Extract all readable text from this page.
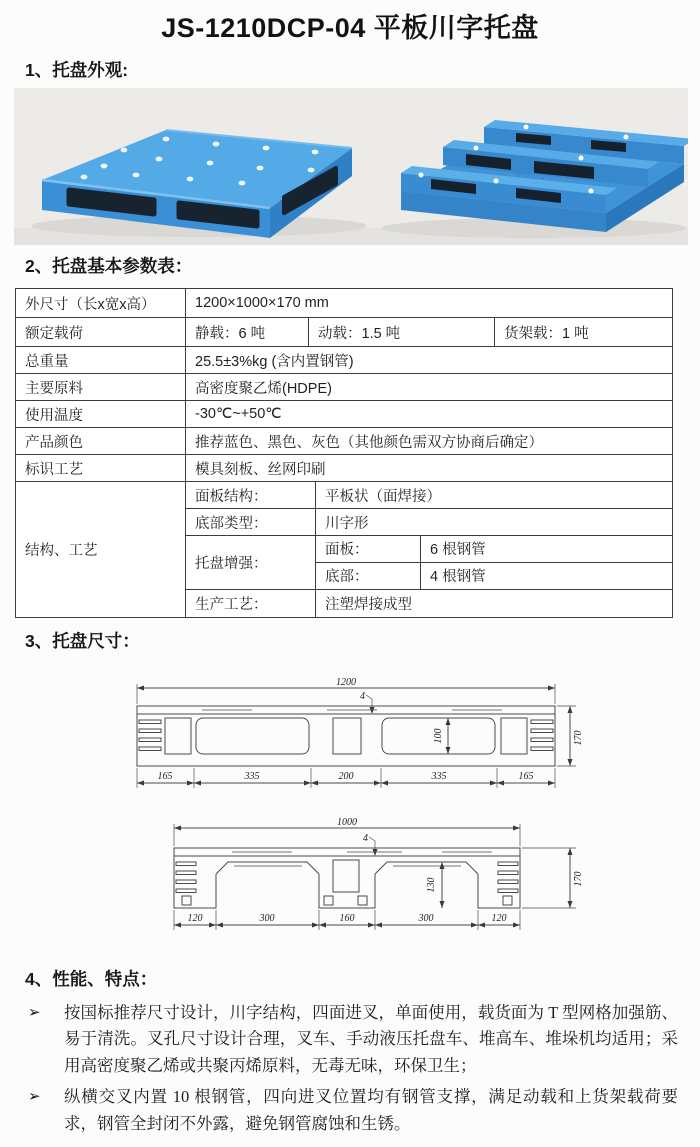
JS-1210DCP-04 平板川字托盘
1、托盘外观:
2、托盘基本参数表：
外尺寸（长x宽x高）	1200×1000×170 mm
额定载荷	静载：6 吨	动载：1.5 吨	货架载：1 吨
总重量	25.5±3%kg (含内置钢管)
主要原料	高密度聚乙烯(HDPE)
使用温度	-30℃~+50℃
产品颜色	推荐蓝色、黑色、灰色（其他颜色需双方协商后确定）
标识工艺	模具刻板、丝网印刷
结构、工艺
面板结构：	平板状（面焊接）
底部类型：	川字形
托盘增强：
面板：	6 根钢管
底部：	4 根钢管
生产工艺：	注塑焊接成型
3、托盘尺寸：
1200
4
165	335	200	335	165
170
100
1000
4
120	300	160	300	120
170
130
4、性能、特点：
➢	按国标推荐尺寸设计，川字结构，四面进叉，单面使用，载货面为 T 型网格加强筋、易于清洗。叉孔尺寸设计合理，叉车、手动液压托盘车、堆高车、堆垛机均适用；采用高密度聚乙烯或共聚丙烯原料，无毒无味，环保卫生；

➢	纵横交叉内置 10 根钢管，四向进叉位置均有钢管支撑，满足动载和上货架载荷要求，钢管全封闭不外露，避免钢管腐蚀和生锈。
